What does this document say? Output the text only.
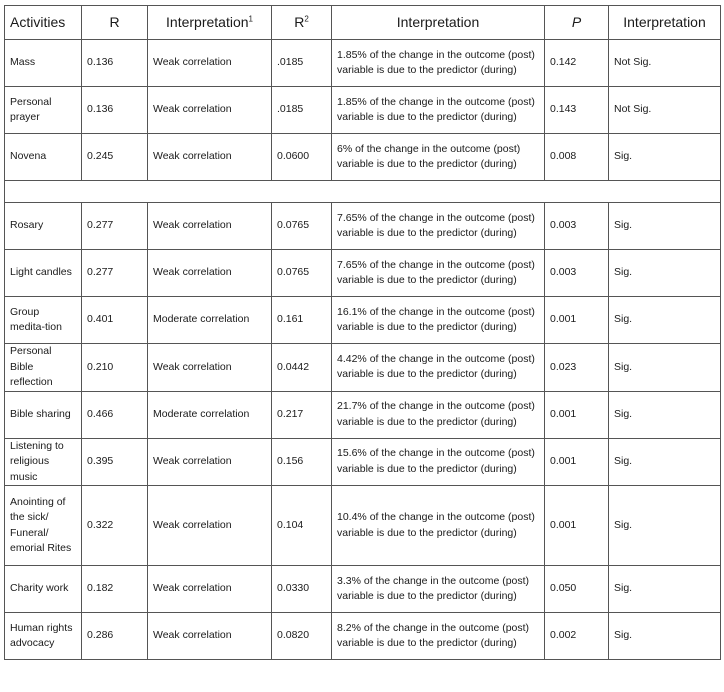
Activities	R	Interpretation$^1$	$R^2$	Interpretation	P	Interpretation
Mass	0.136	Weak correlation	.0185	1.85% of the change in the outcome (post) variable is due to the predictor (during)	0.142	Not Sig.
Personal prayer	0.136	Weak correlation	.0185	1.85% of the change in the outcome (post) variable is due to the predictor (during)	0.143	Not Sig.
Novena	0.245	Weak correlation	0.0600	6% of the change in the outcome (post) variable is due to the predictor (during)	0.008	Sig.

Rosary	0.277	Weak correlation	0.0765	7.65% of the change in the outcome (post) variable is due to the predictor (during)	0.003	Sig.
Light candles	0.277	Weak correlation	0.0765	7.65% of the change in the outcome (post) variable is due to the predictor (during)	0.003	Sig.
Group medita-tion	0.401	Moderate correlation	0.161	16.1% of the change in the outcome (post) variable is due to the predictor (during)	0.001	Sig.
Personal Bible reflection	0.210	Weak correlation	0.0442	4.42% of the change in the outcome (post) variable is due to the predictor (during)	0.023	Sig.
Bible sharing	0.466	Moderate correlation	0.217	21.7% of the change in the outcome (post) variable is due to the predictor (during)	0.001	Sig.
Listening to religious music	0.395	Weak correlation	0.156	15.6% of the change in the outcome (post) variable is due to the predictor (during)	0.001	Sig.
Anointing of the sick/ Funeral/ emorial Rites	0.322	Weak correlation	0.104	10.4% of the change in the outcome (post) variable is due to the predictor (during)	0.001	Sig.
Charity work	0.182	Weak correlation	0.0330	3.3% of the change in the outcome (post) variable is due to the predictor (during)	0.050	Sig.
Human rights advocacy	0.286	Weak correlation	0.0820	8.2% of the change in the outcome (post) variable is due to the predictor (during)	0.002	Sig.
